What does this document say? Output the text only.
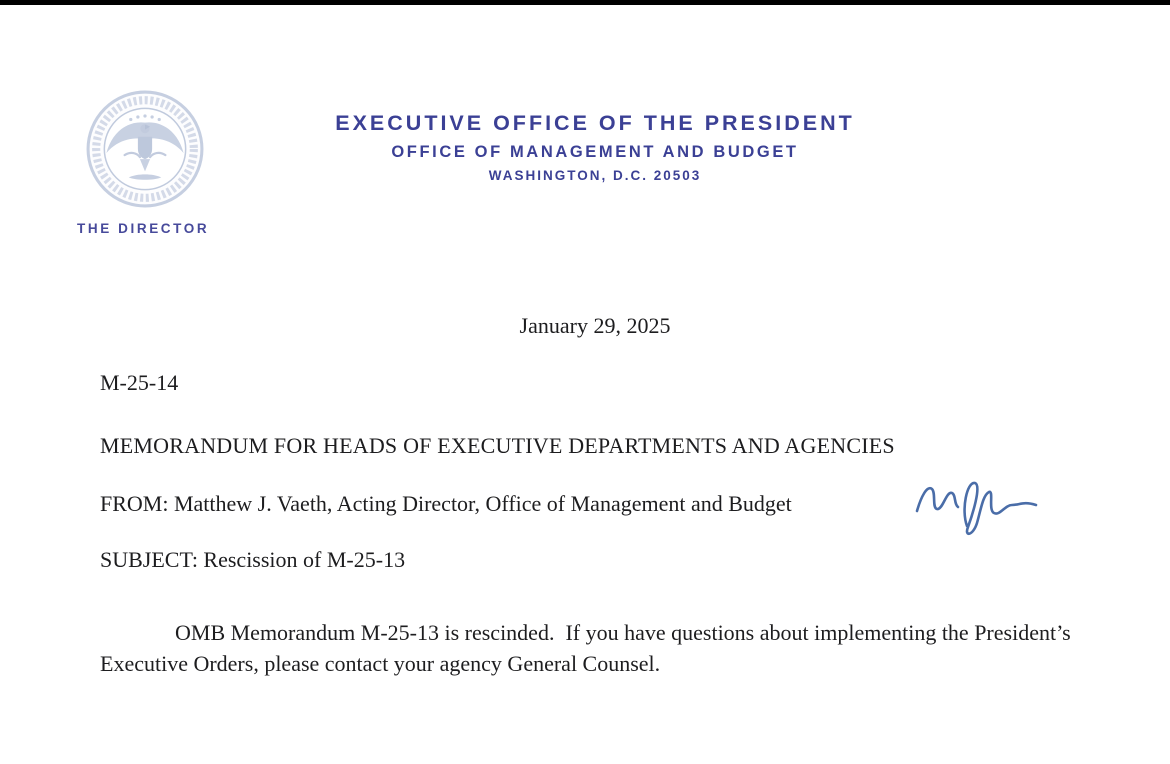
THE DIRECTOR
EXECUTIVE OFFICE OF THE PRESIDENT
OFFICE OF MANAGEMENT AND BUDGET
WASHINGTON, D.C. 20503
January 29, 2025
M-25-14
MEMORANDUM FOR HEADS OF EXECUTIVE DEPARTMENTS AND AGENCIES
FROM: Matthew J. Vaeth, Acting Director, Office of Management and Budget
SUBJECT: Rescission of M-25-13
OMB Memorandum M-25-13 is rescinded.  If you have questions about implementing the President’s Executive Orders, please contact your agency General Counsel.
